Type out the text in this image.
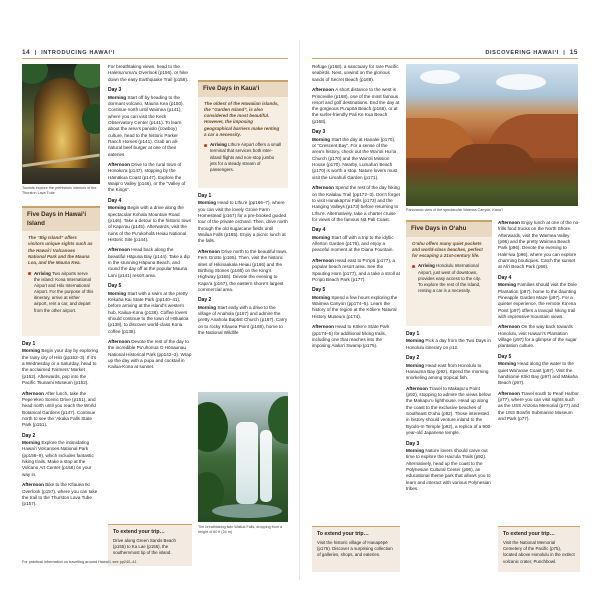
14  |  INTRODUCING HAWAI‘I
Tourists explore the prehistoric interiors of the Thurston Lava Tube
Five Days in Hawai‘i Island
The “Big Island” offers visitors unique sights such as the Hawai‘i Volcanoes National Park and the Mauna Loa, and the Mauna Kea.
Arriving Two airports serve the island: Kona International Airport and Hilo International Airport. For the purpose of this itinerary, arrive at either airport, rent a car, and depart from the other airport.
Day 1

Morning Begin your day by exploring the rainy city of Hilo (pp152–3). If it’s a Wednesday or a Saturday, head to the acclaimed Farmers’ Market (p152). Afterwards, pop into the Pacific Tsunami Museum (p152).

Afternoon After lunch, take the Pepe‘ekeo Scenic Drive (p151), and head north until you reach the World Botanical Gardens (p147). Continue north to see the ‘Akaka Falls State Park (p151).

Day 2

Morning Explore the intimidating Hawai‘i Volcanoes National Park (pp156–9), which includes fantastic hiking trails. Make a stop at the Volcano Art Center (p158) on your way in.

Afternoon Bike to the Kīlauea Iki Overlook (p157), where you can take the trail to the Thurston Lava Tube (p157).

For breathtaking views, head to the Halema‘uma‘u Overlook (p156), or hike down the easy Earthquake Trail (p158).

Day 3

Morning Start off by heading to the dormant volcano, Mauna Kea (p150). Continue north until Waimea (p141), where you can visit the Keck Observatory Center (p141). To learn about the area’s paniolo (cowboy) culture, head to the historic Parker Ranch Homes (p141). Grab an all-natural beef burger at one of their eateries.

Afternoon Drive to the rural town of Honoka‘a (p147), stopping by the Hāmākua Coast (p147). Explore the Waipi‘o Valley (p146), or the “Valley of the Kings”.

Day 4

Morning Begin with a drive along the spectacular Kohala Mountain Road (p146). Take a detour to the historic town of Kapa‘au (p145). Afterwards, visit the ruins of the Pu‘ukoholā Heiau National Historic Site (p144).

Afternoon Head back along the beautiful Hāpuna Bay (p144). Take a dip in the stunning Hāpuna Beach, and round the day off at the popular Mauna Lani (p141) resort area.

Day 5

Morning Start with a swim at the pretty Kekaha Kai State Park (pp140–41), before arriving at the island’s western hub, Kailua-Kona (p138). Coffee lovers should continue to the town of Hōlualoa (p138), to discover world-class Kona coffee (p138).

Afternoon Devote the rest of the day to the incredible Pu‘uhonua O Hōnaunau National Historical Park (pp142–3). Wrap up the day with a pupu and cocktail in Kailua-Kona at sunset.

To extend your trip…
Drive along Green Sands Beach (p155) to Ka Lae (p155), the southernmost tip of the island.
Five Days in Kaua‘i
The oldest of the Hawaiian islands, the “Garden Island”, is also considered the most beautiful. However, the imposing geographical barriers make renting a car a necessity.
Arriving Līhu‘e Airport offers a small terminal that services both inter-island flights and non-stop jumbo jets for a steady stream of passengers.
Day 1

Morning Head to Līhu‘e (pp166–7), where you can visit the lovely Grove Farm Homestead (p167) for a pre-booked guided tour of the private orchard. Then, drive north through the old sugarcane fields until Wailua Falls (p165). Enjoy a picnic lunch at the falls.

Afternoon Drive north to the beautiful town, Fern Grotto (p165). Then, visit the historic sites of Hikinaakala Heiau (p166) and the Birthing Stones (p166) on the King’s Highway (p166). Devote the evening to Kapa‘a (p167), the eastern shore’s largest commercial area.

Day 2

Morning Start early with a drive to the village of Anahola (p167) and admire the pretty Anahola Baptist Church (p167). Carry on to rocky Kīlauea Point (p168), home to the National Wildlife

The breathtaking twin Wailua Falls, dropping from a height of 80 ft (24 m)
For practical information on travelling around Hawai‘i, see pp240–41
DISCOVERING HAWAI‘I  |  15

Refuge (p168), a sanctuary for rare Pacific seabirds. Next, unwind on the glorious sands of Secret Beach (p168).

Afternoon A short distance to the west is Princeville (p168), one of the most famous resort and golf destinations. End the day at the gorgeous Pu‘upōā Beach (p168), or at the surfer-friendly Pali Ke Kua Beach (p168).

Day 3

Morning Start the day at Hanalei (p170), or “Crescent Bay”. For a sense of the area’s history, check out the Wai‘oli Hui‘ia Church (p170) and the Wai‘oli Mission House (p170). Nearby, Lumaha‘i Beach (p170) is worth a stop. Nature lovers must visit the Limahuli Garden (p171).

Afternoon Spend the rest of the day hiking on the Kalalau Trail (pp172–3). Don’t forget to visit Hanakāpī‘ai Falls (p173) and the Hanging Valleys (p173) before returning to Līhu‘e. Alternatively, take a charter cruise for views of the famous Nā Pali Coast.

Day 4

Morning Start off with a trip to the idyllic Allerton Garden (p176), and enjoy a peaceful moment at the Diana Fountain.

Afternoon Head east to Po‘ipū (p177), a popular beach resort area. See the Spouting Horn (p177), and a take a stroll at Po‘ipū Beach Park (p177).

Day 5

Morning Spend a few hours exploring the Waimea Canyon (pp174–5). Learn the history of the region at the Kōke‘e Natural History Museum (p174).

Afternoon Head to Kōke‘e State Park (pp174–5) for additional hiking trails, including one that reaches into the imposing Alaka‘i Swamp (p175).

To extend your trip…
Visit the historic village of Hanapēpē (p176). Discover a surprising collection of galleries, shops, and eateries.
Panoramic view of the spectacular Waimea Canyon, Kaua‘i
Five Days in O‘ahu
O‘ahu offers many quiet pockets and world-class beaches, perfect for escaping a 21st-century life.
Arriving Honolulu International Airport, just west of downtown, provides easy access to the city. To explore the rest of the island, renting a car is a necessity.
Day 1

Morning Pick a day from the Two Days in Honolulu itinerary on p12.

Day 2

Morning Head east from Honolulu to Hanauma Bay (p92). Spend the morning snorkeling among tropical fish.

Afternoon Travel to Makapu‘u Point (p92), stopping to admire the views below the Makapu‘u lighthouse. Head up along the coast to the exclusive beaches of Southeast O‘ahu (p92). Those interested in history should venture inland to the Byodo-In Temple (p92), a replica of a 900-year-old Japanese temple.

Day 3

Morning Nature lovers should carve out time to explore the Hau‘ula Trails (p92). Alternatively, head up the coast to the Polynesian Cultural Center (p96), an educational theme park that allows you to learn and interact with various Polynesian tribes.

Afternoon Enjoy lunch at one of the no-frills food trucks on the North Shore. Afterwards, visit the Waimea Valley (p96) and the pretty Waimea Beach Park (p96). Devote the evening to Hale‘iwa (p96), where you can explore charming boutiques. Catch the sunset at Ali‘i Beach Park (p96).

Day 4

Morning Families should visit the Dole Plantation (p97), home to the daunting Pineapple Garden Maze (p97). For a quieter experience, the remote Ka‘ena Point (p97) offers a tranquil hiking trail with impressive mountain views.

Afternoon On the way back towards Honolulu, visit Hawai‘i’s Plantation Village (p97) for a glimpse of the sugar plantation culture.

Day 5

Morning Head along the water to the quiet Wai‘anae Coast (p97). Visit the handsome Kōkī Bay (p97) and Mākaha Beach (p97).

Afternoon Travel south to Pearl Harbor (p77), where you can visit sights such as the USS Arizona Memorial (p77) and the USS Bowfin Submarine Museum and Park (p77).

To extend your trip…
Visit the National Memorial Cemetery of the Pacific (p75), located above Honolulu in the extinct volcanic crater, Punchbowl.
